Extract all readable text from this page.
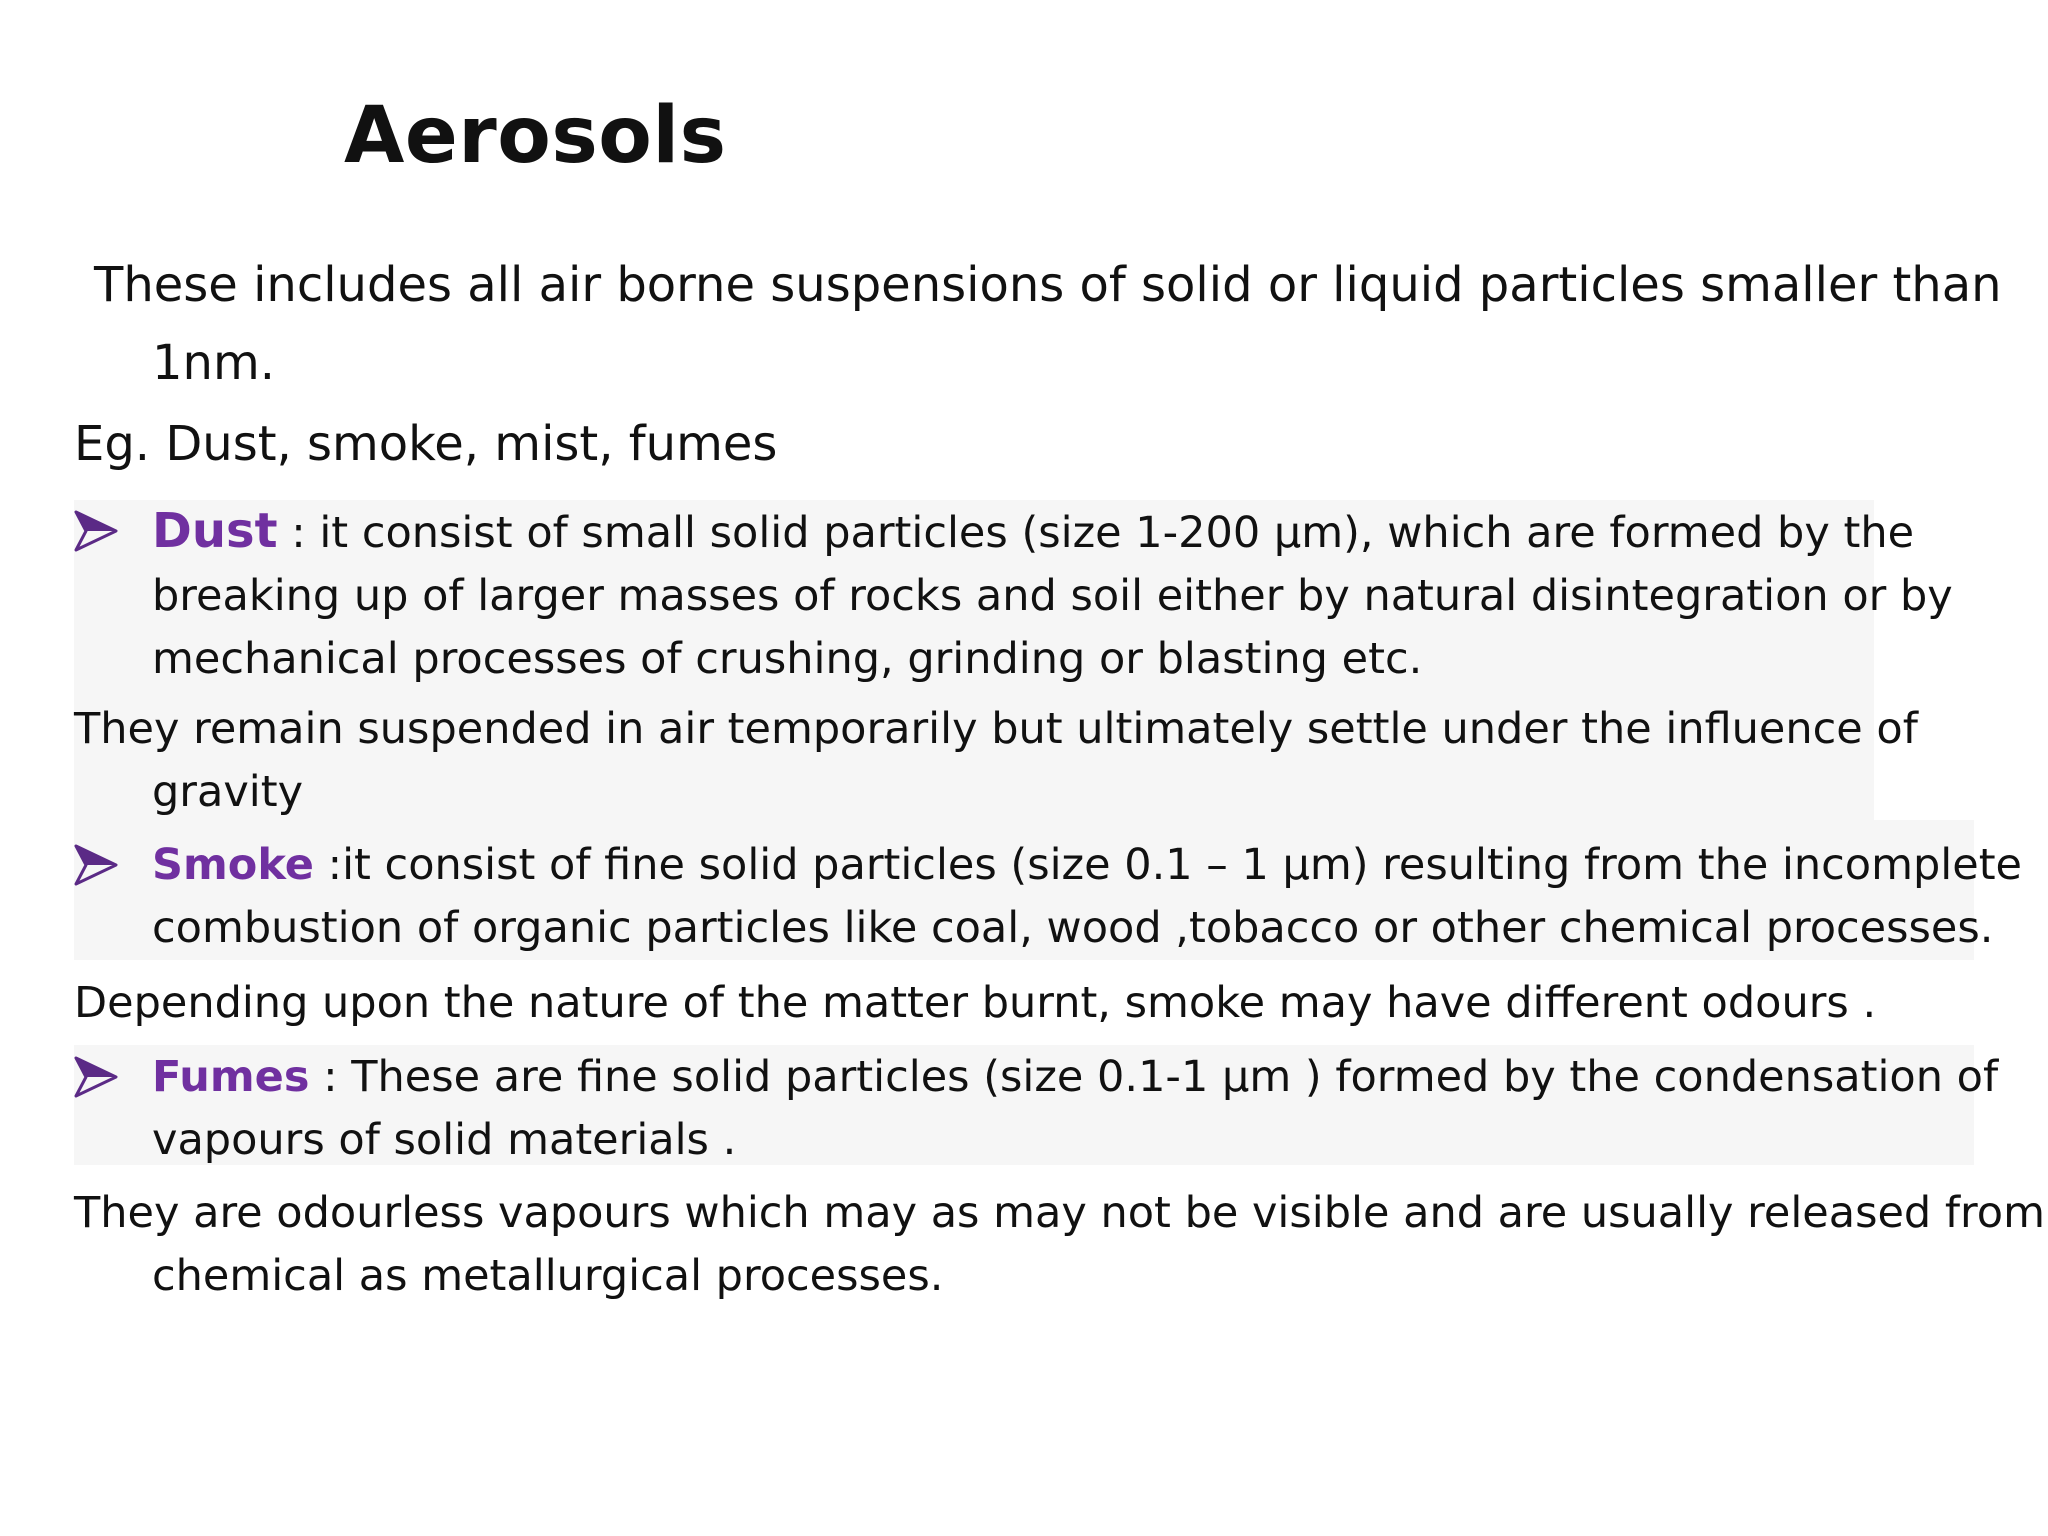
Aerosols
These includes all air borne suspensions of solid or liquid particles smaller than
1nm.
Eg. Dust, smoke, mist, fumes
Dust : it consist of small solid particles (size 1-200 µm), which are formed by the
breaking up of larger masses of rocks and soil either by natural disintegration or by
mechanical processes of crushing, grinding or blasting etc.
They remain suspended in air temporarily but ultimately settle under the influence of
gravity
Smoke :it consist of fine solid particles (size 0.1 – 1 µm) resulting from the incomplete
combustion of organic particles like coal, wood ,tobacco or other chemical processes.
Depending upon the nature of the matter burnt, smoke may have different odours .
Fumes : These are fine solid particles (size 0.1-1 µm ) formed by the condensation of
vapours of solid materials .
They are odourless vapours which may as may not be visible and are usually released from
chemical as metallurgical processes.
